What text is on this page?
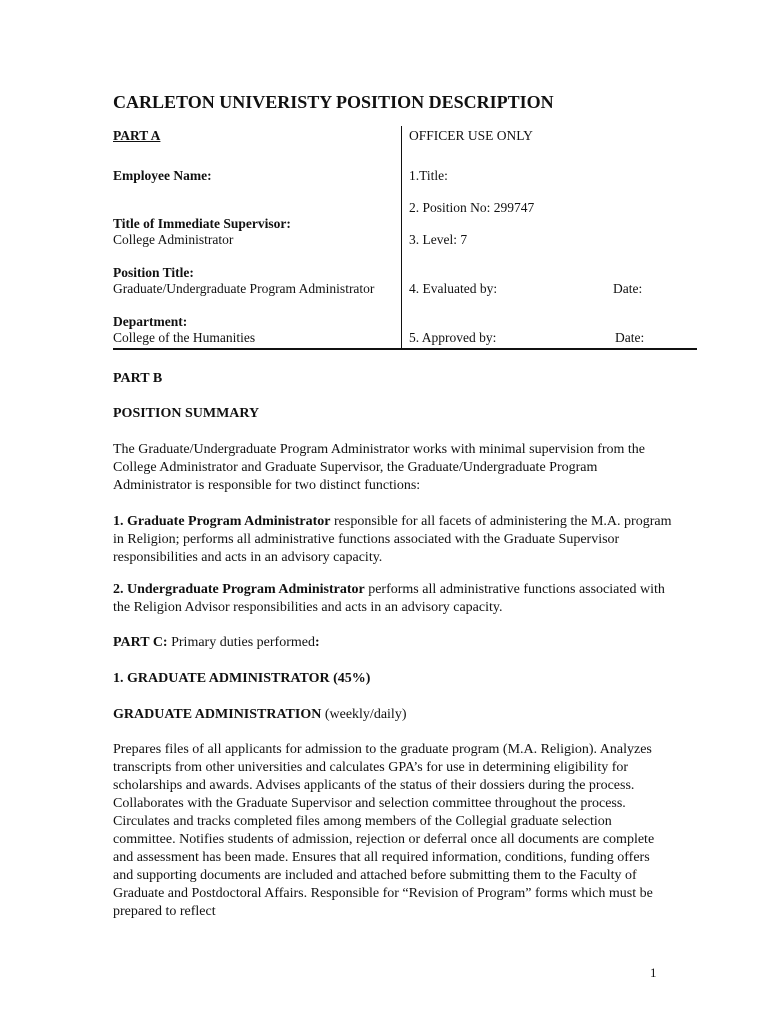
CARLETON UNIVERISTY POSITION DESCRIPTION
PART A
Employee Name:
Title of Immediate Supervisor:
College Administrator
Position Title:
Graduate/Undergraduate Program Administrator
Department:
College of the Humanities
OFFICER USE ONLY
1.Title:
2. Position No: 299747
3. Level: 7
4. Evaluated by:	Date:
5. Approved by:	Date:
PART B
POSITION SUMMARY
The Graduate/Undergraduate Program Administrator works with minimal supervision from the College Administrator and Graduate Supervisor, the Graduate/Undergraduate Program Administrator is responsible for two distinct functions:
1. Graduate Program Administrator responsible for all facets of administering the M.A. program in Religion; performs all administrative functions associated with the Graduate Supervisor responsibilities and acts in an advisory capacity.
2. Undergraduate Program Administrator performs all administrative functions associated with the Religion Advisor responsibilities and acts in an advisory capacity.
PART C: Primary duties performed:
1. GRADUATE ADMINISTRATOR (45%)
GRADUATE ADMINISTRATION (weekly/daily)
Prepares files of all applicants for admission to the graduate program (M.A. Religion). Analyzes transcripts from other universities and calculates GPA’s for use in determining eligibility for scholarships and awards. Advises applicants of the status of their dossiers during the process. Collaborates with the Graduate Supervisor and selection committee throughout the process. Circulates and tracks completed files among members of the Collegial graduate selection committee. Notifies students of admission, rejection or deferral once all documents are complete and assessment has been made. Ensures that all required information, conditions, funding offers and supporting documents are included and attached before submitting them to the Faculty of Graduate and Postdoctoral Affairs. Responsible for “Revision of Program” forms which must be prepared to reflect
1
